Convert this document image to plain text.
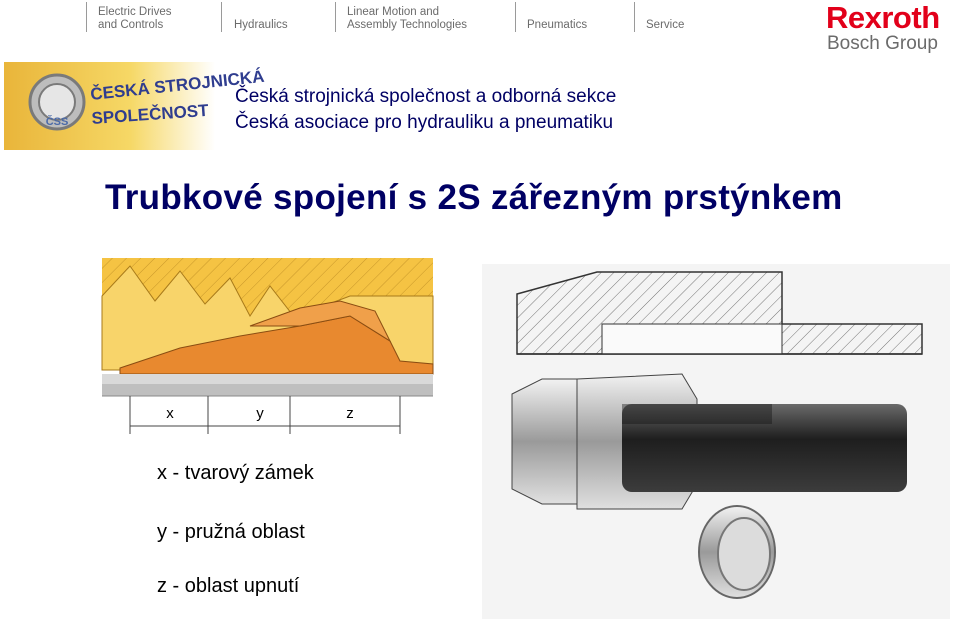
Electric Drives
and Controls	Hydraulics
Linear Motion and
Assembly Technologies	Pneumatics	Service	Rexroth
Bosch Group
ČSS
ČESKÁ STROJNICKÁ
SPOLEČNOST
Česká strojnická společnost a odborná sekce
Česká asociace pro hydrauliku a pneumatiku
Trubkové spojení s 2S zářezným prstýnkem
x	y	z
x - tvarový zámek
y - pružná oblast
z - oblast upnutí
